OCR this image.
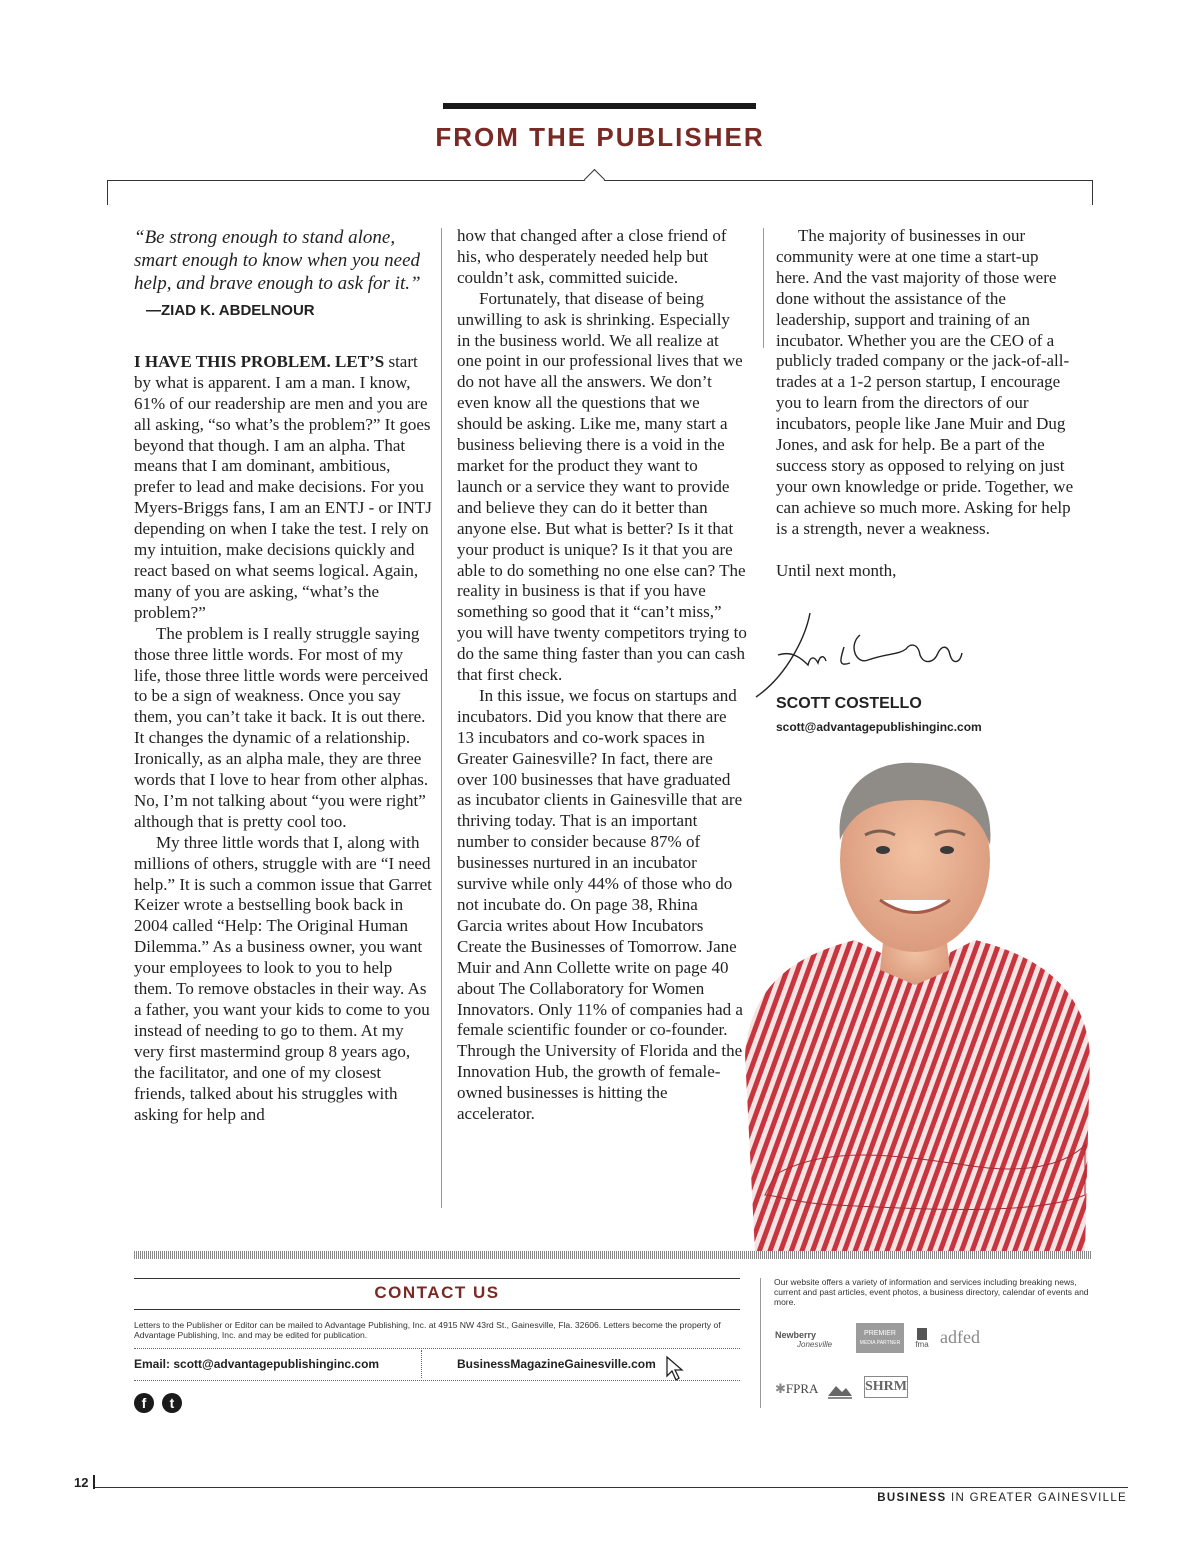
FROM THE PUBLISHER

“Be strong enough to stand alone, smart enough to know when you need help, and brave enough to ask for it.”

—ZIAD K. ABDELNOUR

I HAVE THIS PROBLEM. LET’S start by what is apparent. I am a man. I know, 61% of our readership are men and you are all asking, “so what’s the problem?” It goes beyond that though. I am an alpha. That means that I am dominant, ambitious, prefer to lead and make decisions. For you Myers-Briggs fans, I am an ENTJ - or INTJ depending on when I take the test. I rely on my intuition, make decisions quickly and react based on what seems logical. Again, many of you are asking, “what’s the problem?”

The problem is I really struggle saying those three little words. For most of my life, those three little words were perceived to be a sign of weakness. Once you say them, you can’t take it back. It is out there. It changes the dynamic of a relationship. Ironically, as an alpha male, they are three words that I love to hear from other alphas. No, I’m not talking about “you were right” although that is pretty cool too.

My three little words that I, along with millions of others, struggle with are “I need help.” It is such a common issue that Garret Keizer wrote a bestselling book back in 2004 called “Help: The Original Human Dilemma.” As a business owner, you want your employees to look to you to help them. To remove obstacles in their way. As a father, you want your kids to come to you instead of needing to go to them. At my very first mastermind group 8 years ago, the facilitator, and one of my closest friends, talked about his struggles with asking for help and

how that changed after a close friend of his, who desperately needed help but couldn’t ask, committed suicide.

Fortunately, that disease of being unwilling to ask is shrinking. Especially in the business world. We all realize at one point in our professional lives that we do not have all the answers. We don’t even know all the questions that we should be asking. Like me, many start a business believing there is a void in the market for the product they want to launch or a service they want to provide and believe they can do it better than anyone else. But what is better? Is it that your product is unique? Is it that you are able to do something no one else can? The reality in business is that if you have something so good that it “can’t miss,” you will have twenty competitors trying to do the same thing faster than you can cash that first check.

In this issue, we focus on startups and incubators. Did you know that there are 13 incubators and co-work spaces in Greater Gainesville? In fact, there are over 100 businesses that have graduated as incubator clients in Gainesville that are thriving today. That is an important number to consider because 87% of businesses nurtured in an incubator survive while only 44% of those who do not incubate do. On page 38, Rhina Garcia writes about How Incubators Create the Businesses of Tomorrow. Jane Muir and Ann Collette write on page 40 about The Collaboratory for Women Innovators. Only 11% of companies had a female scientific founder or co-founder. Through the University of Florida and the Innovation Hub, the growth of female-owned businesses is hitting the accelerator.

The majority of businesses in our community were at one time a start-up here. And the vast majority of those were done without the assistance of the leadership, support and training of an incubator. Whether you are the CEO of a publicly traded company or the jack-of-all-trades at a 1-2 person startup, I encourage you to learn from the directors of our incubators, people like Jane Muir and Dug Jones, and ask for help. Be a part of the success story as opposed to relying on just your own knowledge or pride. Together, we can achieve so much more. Asking for help is a strength, never a weakness.

Until next month,

SCOTT COSTELLO
scott@advantagepublishinginc.com
CONTACT US
Letters to the Publisher or Editor can be mailed to Advantage Publishing, Inc. at 4915 NW 43rd St., Gainesville, Fla. 32606. Letters become the property of Advantage Publishing, Inc. and may be edited for publication.
Email: scott@advantagepublishinginc.com	BusinessMagazineGainesville.com
f	t
Our website offers a variety of information and services including breaking news, current and past articles, event photos, a business directory, calendar of events and more.
Newberry
Jonesville
PREMIER
MEDIA PARTNER	fma adfed
✱FPRA	SHRM
12
BUSINESS IN GREATER GAINESVILLE
